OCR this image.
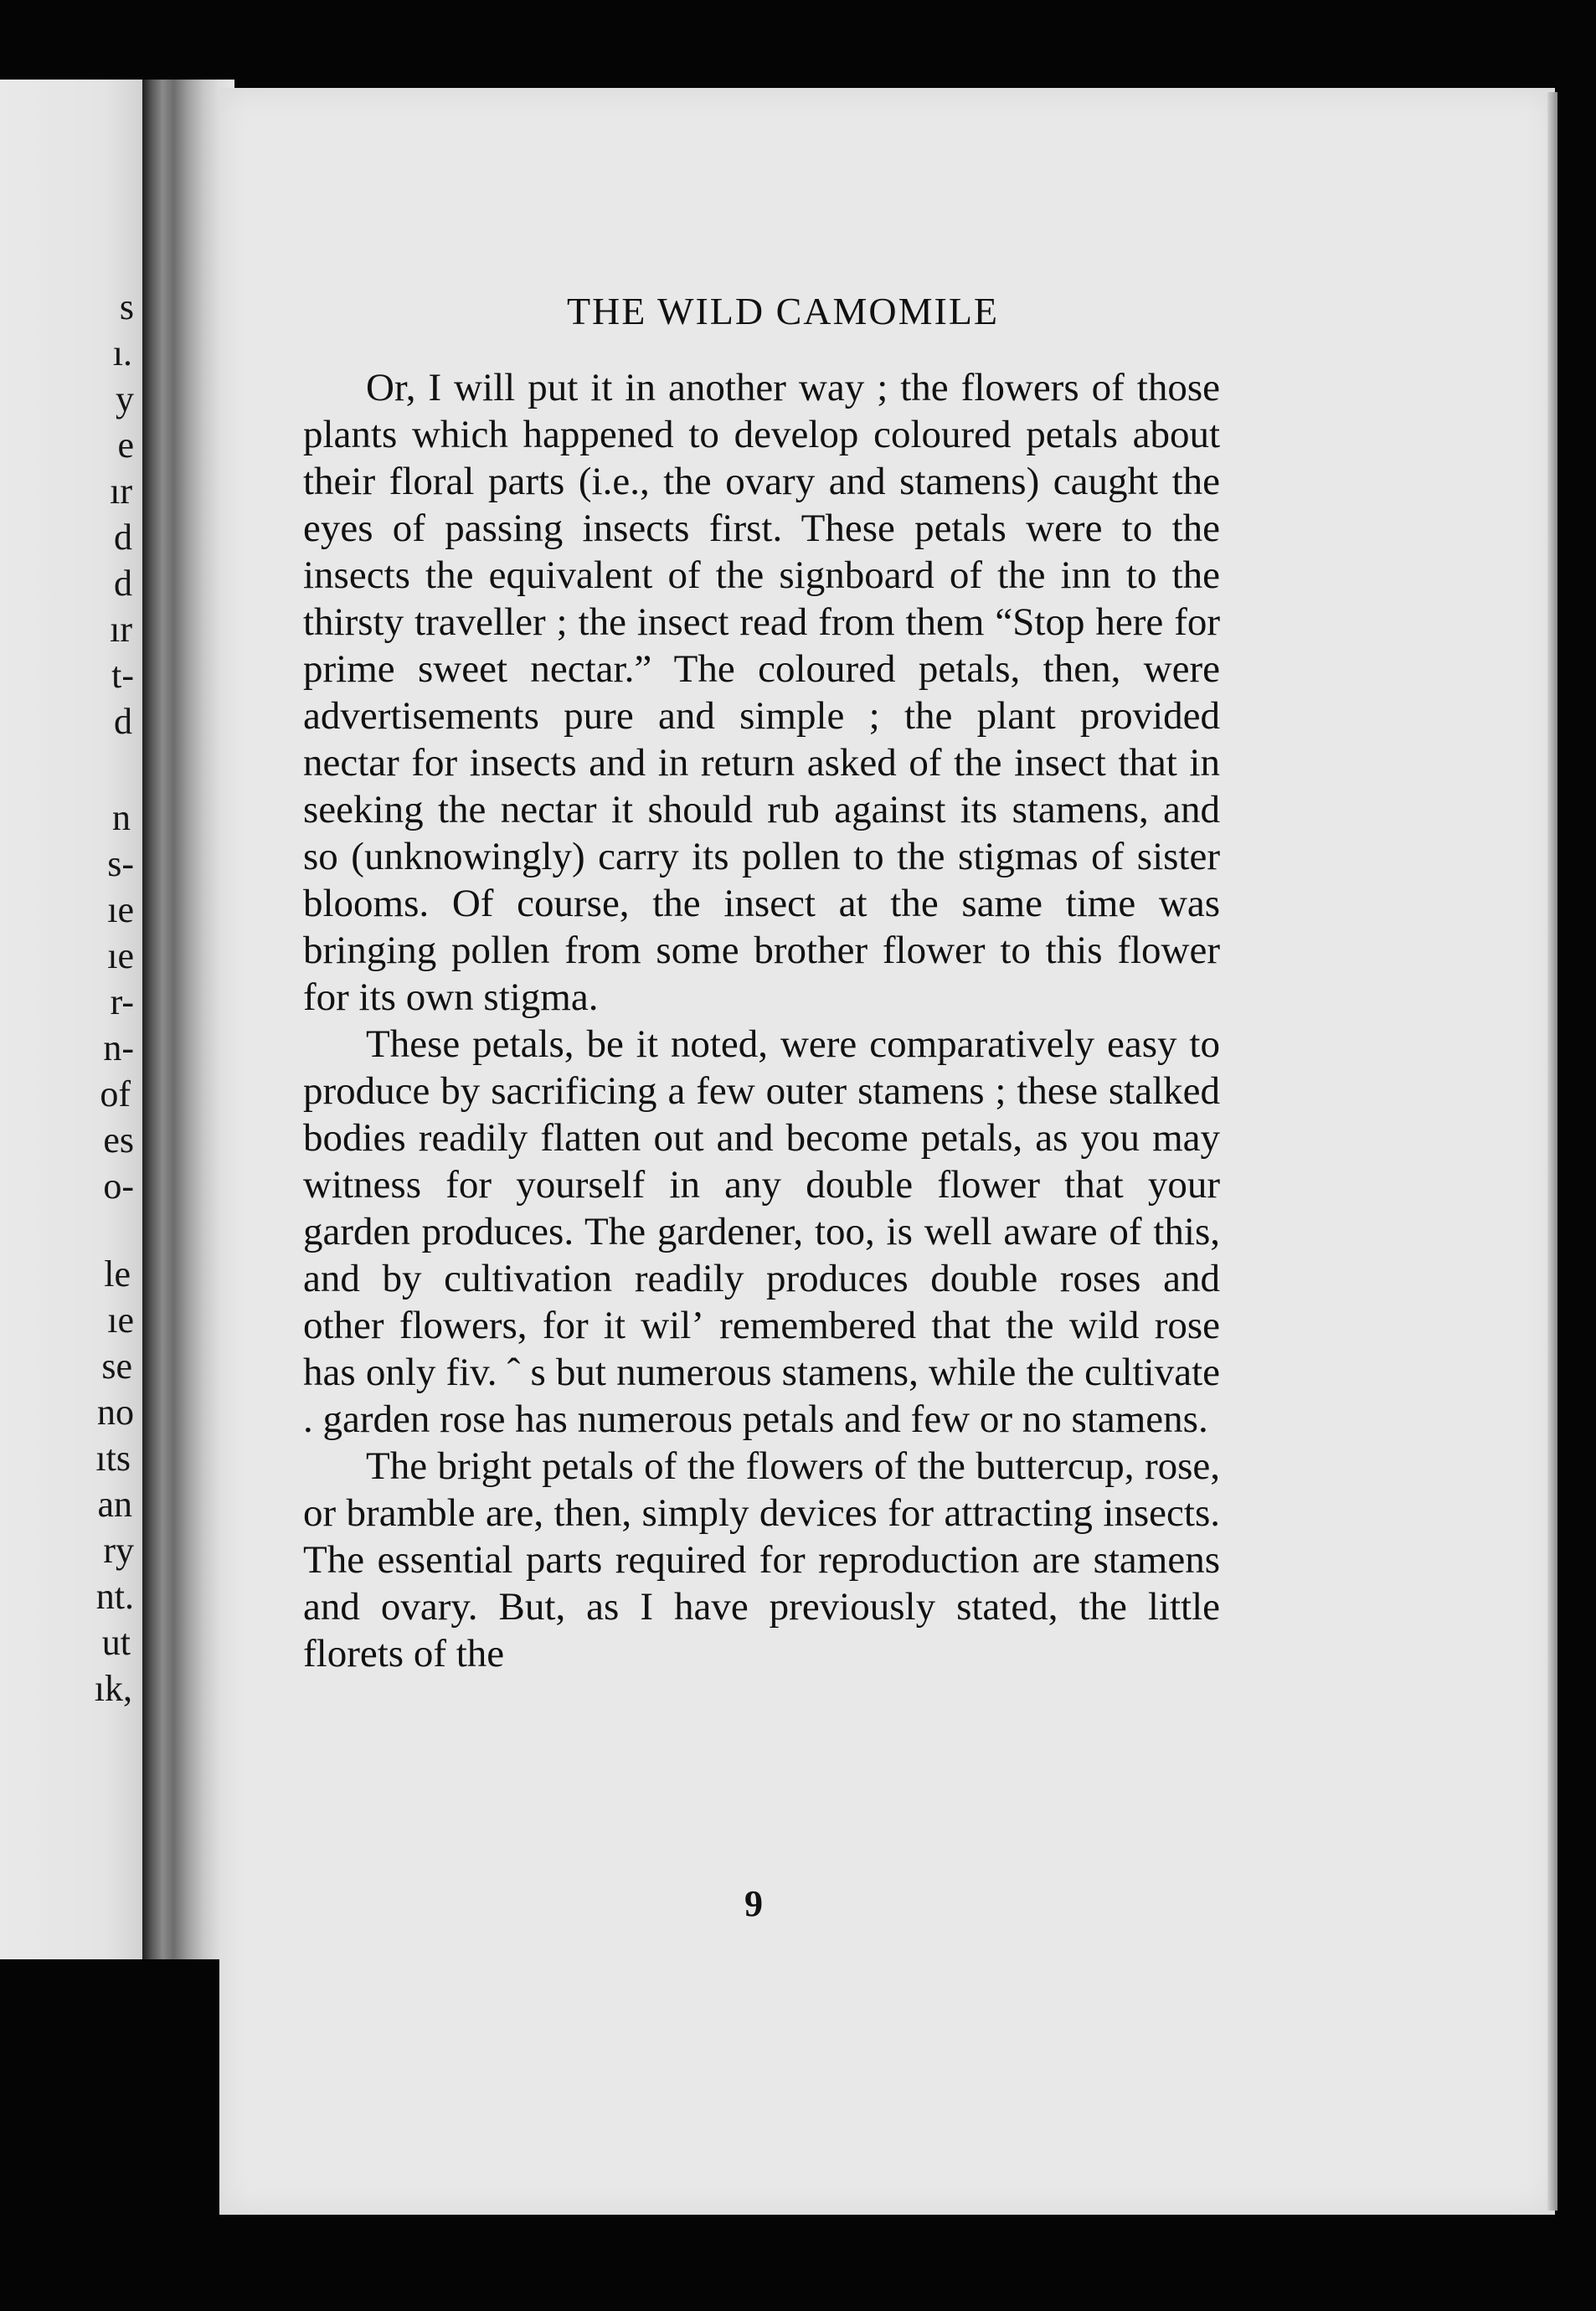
s
ı.
y
e
ır
d
d
ır
t-
d
n
s-
ıe
ıe
r-
n-
of
es
o-
le
ıe
se
no
ıts
an
ry
nt.
ut
ık,
THE WILD CAMOMILE

Or, I will put it in another way ; the flowers of those plants which happened to develop coloured petals about their floral parts (i.e., the ovary and stamens) caught the eyes of passing insects first. These petals were to the insects the equivalent of the signboard of the inn to the thirsty traveller ; the insect read from them “Stop here for prime sweet nectar.” The coloured petals, then, were advertisements pure and simple ; the plant provided nectar for insects and in return asked of the insect that in seeking the nectar it should rub against its stamens, and so (unknowingly) carry its pollen to the stigmas of sister blooms. Of course, the insect at the same time was bringing pollen from some brother flower to this flower for its own stigma.

These petals, be it noted, were comparatively easy to produce by sacrificing a few outer stamens ; these stalked bodies readily flatten out and become petals, as you may witness for yourself in any double flower that your garden produces. The gardener, too, is well aware of this, and by cultivation readily produces double roses and other flowers, for it wilʼ remembered that the wild rose has only fiv. ˆ s but numerous stamens, while the cultivate . garden rose has numerous petals and few or no stamens.

The bright petals of the flowers of the buttercup, rose, or bramble are, then, simply devices for attracting insects. The essential parts required for reproduction are stamens and ovary. But, as I have previously stated, the little florets of the

9
